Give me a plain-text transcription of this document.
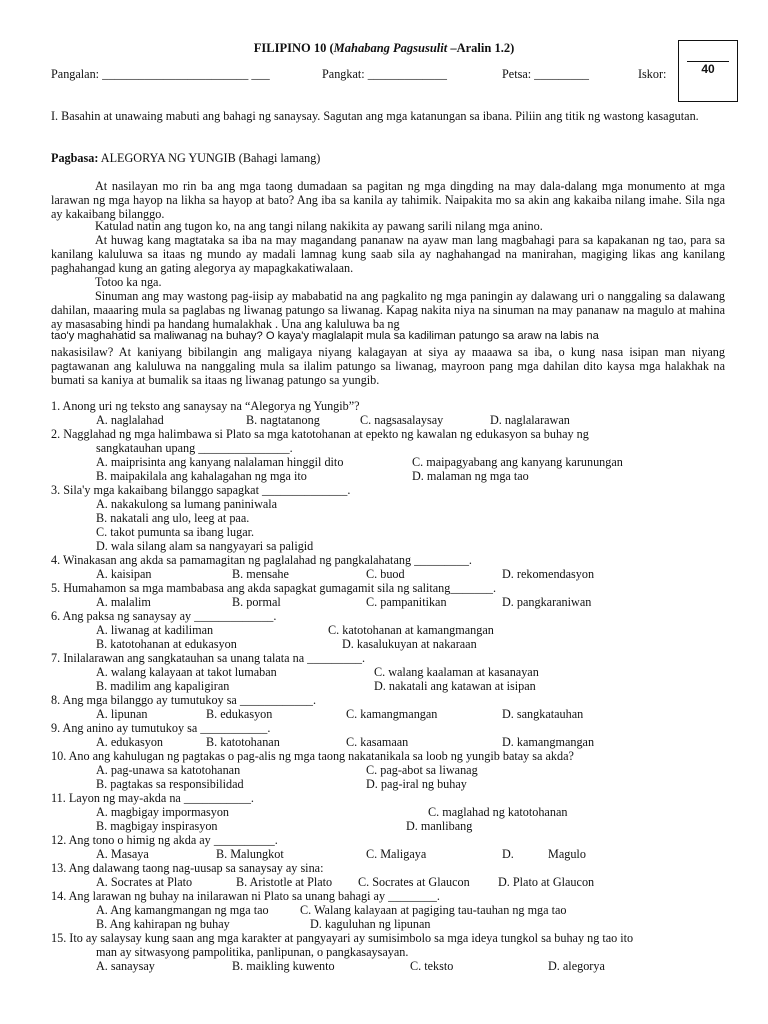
FILIPINO 10 (Mahabang Pagsusulit –Aralin 1.2)
40
Pangalan: ________________________ ___	Pangkat: _____________	Petsa: _________	Iskor:
I. Basahin at unawaing mabuti ang bahagi ng sanaysay. Sagutan ang mga katanungan sa ibana. Piliin ang titik ng wastong kasagutan.
Pagbasa: ALEGORYA NG YUNGIB (Bahagi lamang)
At nasilayan mo rin ba ang mga taong dumadaan sa pagitan ng mga dingding na may dala-dalang mga monumento at mga larawan ng mga hayop na likha sa hayop at bato? Ang iba sa kanila ay tahimik. Naipakita mo sa akin ang kakaiba nilang imahe. Sila nga ay kakaibang bilanggo.
Katulad natin ang tugon ko, na ang tangi nilang nakikita ay pawang sarili nilang mga anino.
At huwag kang magtataka sa iba na may magandang pananaw na ayaw man lang magbahagi para sa kapakanan ng tao, para sa kanilang kaluluwa sa itaas ng mundo ay madali lamnag kung saab sila ay naghahangad na manirahan, magiging likas ang kanilang paghahangad kung an gating alegorya ay mapagkakatiwalaan.
Totoo ka nga.
Sinuman ang may wastong pag-iisip ay mababatid na ang pagkalito ng mga paningin ay dalawang uri o nanggaling sa dalawang dahilan, maaaring mula sa paglabas ng liwanag patungo sa liwanag. Kapag nakita niya na sinuman na may pananaw na magulo at mahina ay masasabing hindi pa handang humalakhak . Una ang kaluluwa ba ng
tao'y maghahatid sa maliwanag na buhay? O kaya'y maglalapit mula sa kadiliman patungo sa araw na labis na
nakasisilaw? At kaniyang bibilangin ang maligaya niyang kalagayan at siya ay maaawa sa iba, o kung nasa isipan man niyang pagtawanan ang kaluluwa na nanggaling mula sa ilalim patungo sa liwanag, mayroon pang mga dahilan dito kaysa mga halakhak na bumati sa kaniya at bumalik sa itaas ng liwanag patungo sa yungib.
1. Anong uri ng teksto ang sanaysay na “Alegorya ng Yungib”?
A. naglalahad	B. nagtatanong	C. nagsasalaysay	D. naglalarawan
2. Nagglahad ng mga halimbawa si Plato sa mga katotohanan at epekto ng kawalan ng edukasyon sa buhay ng
sangkatauhan upang _______________.
A. maiprisinta ang kanyang nalalaman hinggil dito	C. maipagyabang ang kanyang karunungan
B. maipakilala ang kahalagahan ng mga ito	D. malaman ng mga tao
3. Sila'y mga kakaibang bilanggo sapagkat ______________.
A. nakakulong sa lumang paniniwala
B. nakatali ang ulo, leeg at paa.
C. takot pumunta sa ibang lugar.
D. wala silang alam sa nangyayari sa paligid
4. Winakasan ang akda sa pamamagitan ng paglalahad ng pangkalahatang _________.
A. kaisipan	B. mensahe	C. buod	D. rekomendasyon
5. Humahamon sa mga mambabasa ang akda sapagkat gumagamit sila ng salitang_______.
A. malalim	B. pormal	C. pampanitikan	D. pangkaraniwan
6. Ang paksa ng sanaysay ay _____________.
A. liwanag at kadiliman	C. katotohanan at kamangmangan
B. katotohanan at edukasyon	D. kasalukuyan at nakaraan
7. Inilalarawan ang sangkatauhan sa unang talata na _________.
A. walang kalayaan at takot lumaban	C. walang kaalaman at kasanayan
B. madilim ang kapaligiran	D. nakatali ang katawan at isipan
8. Ang mga bilanggo ay tumutukoy sa ____________.
A. lipunan	B. edukasyon	C. kamangmangan	D. sangkatauhan
9. Ang anino ay tumutukoy sa ___________.
A. edukasyon	B. katotohanan	C. kasamaan	D. kamangmangan
10. Ano ang kahulugan ng pagtakas o pag-alis ng mga taong nakatanikala sa loob ng yungib batay sa akda?
A. pag-unawa sa katotohanan	C. pag-abot sa liwanag
B. pagtakas sa responsibilidad	D. pag-iral ng buhay
11. Layon ng may-akda na ___________.
A. magbigay impormasyon	C. maglahad ng katotohanan
B. magbigay inspirasyon	D. manlibang
12. Ang tono o himig ng akda ay __________.
A. Masaya	B. Malungkot	C. Maligaya	D.	Magulo
13. Ang dalawang taong nag-uusap sa sanaysay ay sina:
A. Socrates at Plato	B. Aristotle at Plato C. Socrates at Glaucon D. Plato at Glaucon
14. Ang larawan ng buhay na inilarawan ni Plato sa unang bahagi ay ________.
A. Ang kamangmangan ng mga tao	C. Walang kalayaan at pagiging tau-tauhan ng mga tao
B. Ang kahirapan ng buhay	D. kaguluhan ng lipunan
15. Ito ay salaysay kung saan ang mga karakter at pangyayari ay sumisimbolo sa mga ideya tungkol sa buhay ng tao ito
man ay sitwasyong pampolitika, panlipunan, o pangkasaysayan.
A. sanaysay	B. maikling kuwento	C. teksto	D. alegorya
